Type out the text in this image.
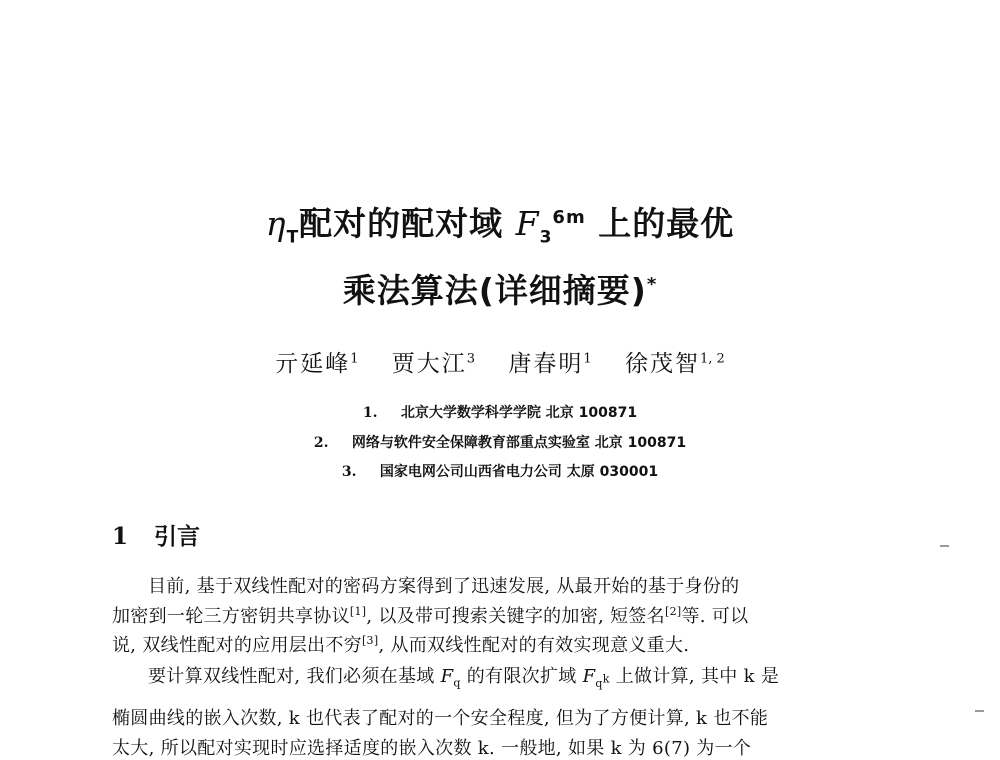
$\eta_T$配对的配对域 $F_3^{6m}$ 上的最优
乘法算法(详细摘要)*
亓延峰$^1$ 贾大江$^3$ 唐春明$^1$ 徐茂智$^{1, 2}$
1. 北京大学数学科学学院 北京 100871
2. 网络与软件安全保障教育部重点实验室 北京 100871
3. 国家电网公司山西省电力公司 太原 030001
1 引言
目前, 基于双线性配对的密码方案得到了迅速发展, 从最开始的基于身份的
加密到一轮三方密钥共享协议[1], 以及带可搜索关键字的加密, 短签名[2]等. 可以
说, 双线性配对的应用层出不穷[3], 从而双线性配对的有效实现意义重大.
要计算双线性配对, 我们必须在基域 $F_q$ 的有限次扩域 $F_{q^k}$ 上做计算, 其中 k 是
椭圆曲线的嵌入次数, k 也代表了配对的一个安全程度, 但为了方便计算, k 也不能
太大, 所以配对实现时应选择适度的嵌入次数 k. 一般地, 如果 k 为 6(7) 为一个
